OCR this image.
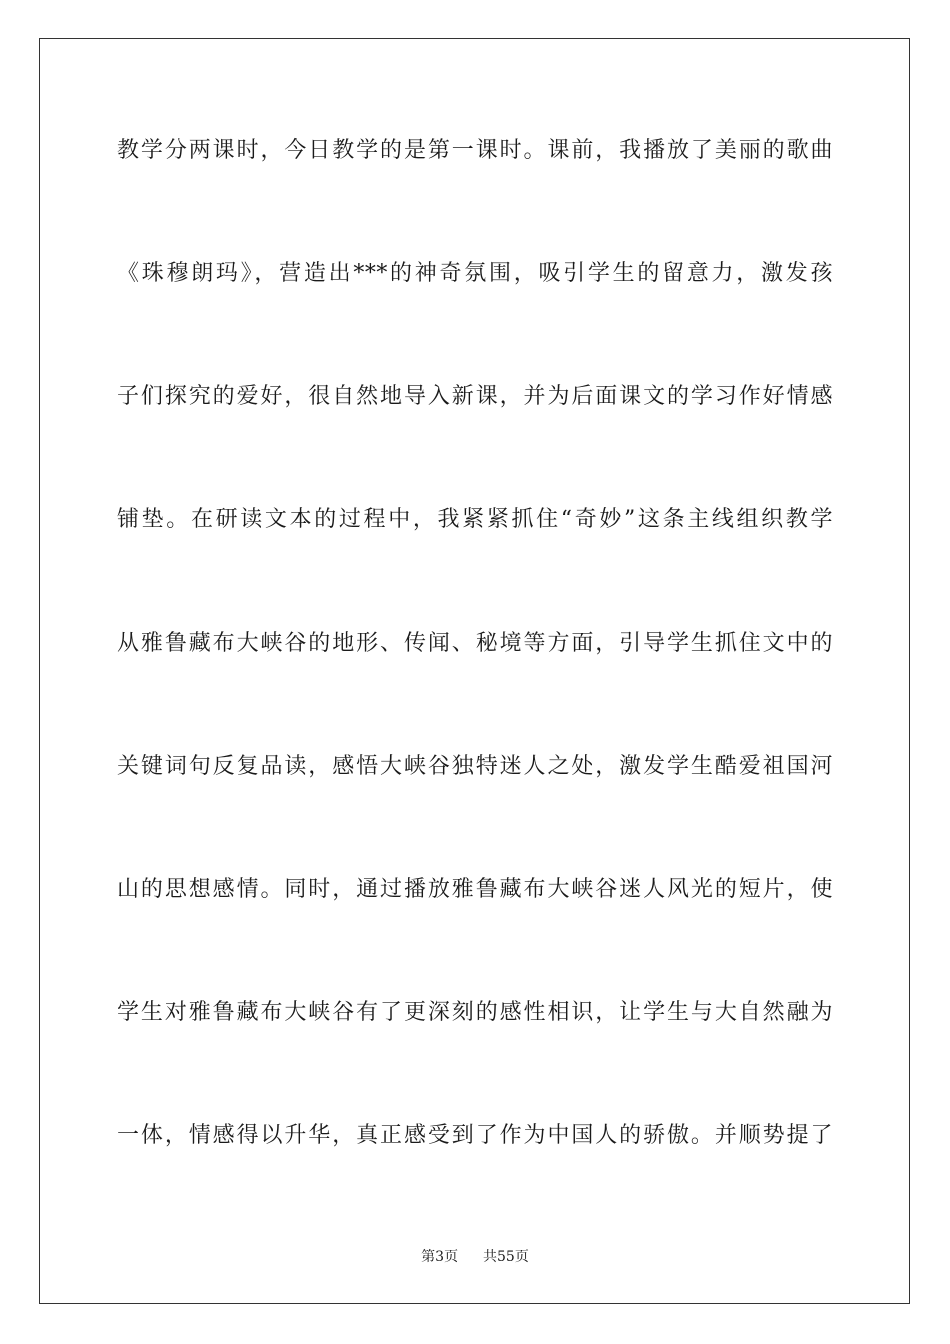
教学分两课时，今日教学的是第一课时。课前，我播放了美丽的歌曲
《珠穆朗玛》，营造出***的神奇氛围，吸引学生的留意力，激发孩
子们探究的爱好，很自然地导入新课，并为后面课文的学习作好情感
铺垫。在研读文本的过程中，我紧紧抓住“奇妙”这条主线组织教学
从雅鲁藏布大峡谷的地形、传闻、秘境等方面，引导学生抓住文中的
关键词句反复品读，感悟大峡谷独特迷人之处，激发学生酷爱祖国河
山的思想感情。同时，通过播放雅鲁藏布大峡谷迷人风光的短片，使
学生对雅鲁藏布大峡谷有了更深刻的感性相识，让学生与大自然融为
一体，情感得以升华，真正感受到了作为中国人的骄傲。并顺势提了
第3页 共55页
